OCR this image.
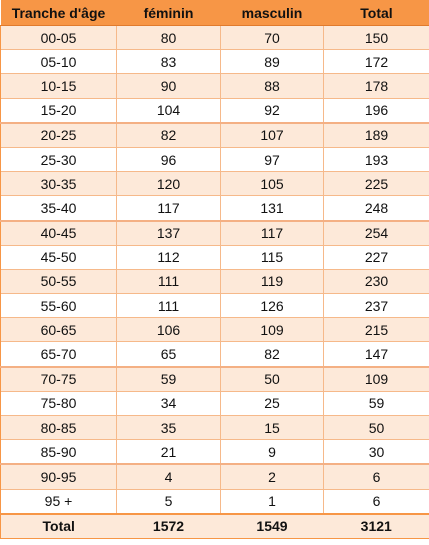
Tranche d'âge	féminin	masculin	Total
00-05	80	70	150
05-10	83	89	172
10-15	90	88	178
15-20	104	92	196
20-25	82	107	189
25-30	96	97	193
30-35	120	105	225
35-40	117	131	248
40-45	137	117	254
45-50	112	115	227
50-55	111	119	230
55-60	111	126	237
60-65	106	109	215
65-70	65	82	147
70-75	59	50	109
75-80	34	25	59
80-85	35	15	50
85-90	21	9	30
90-95	4	2	6
95 +	5	1	6
Total	1572	1549	3121
